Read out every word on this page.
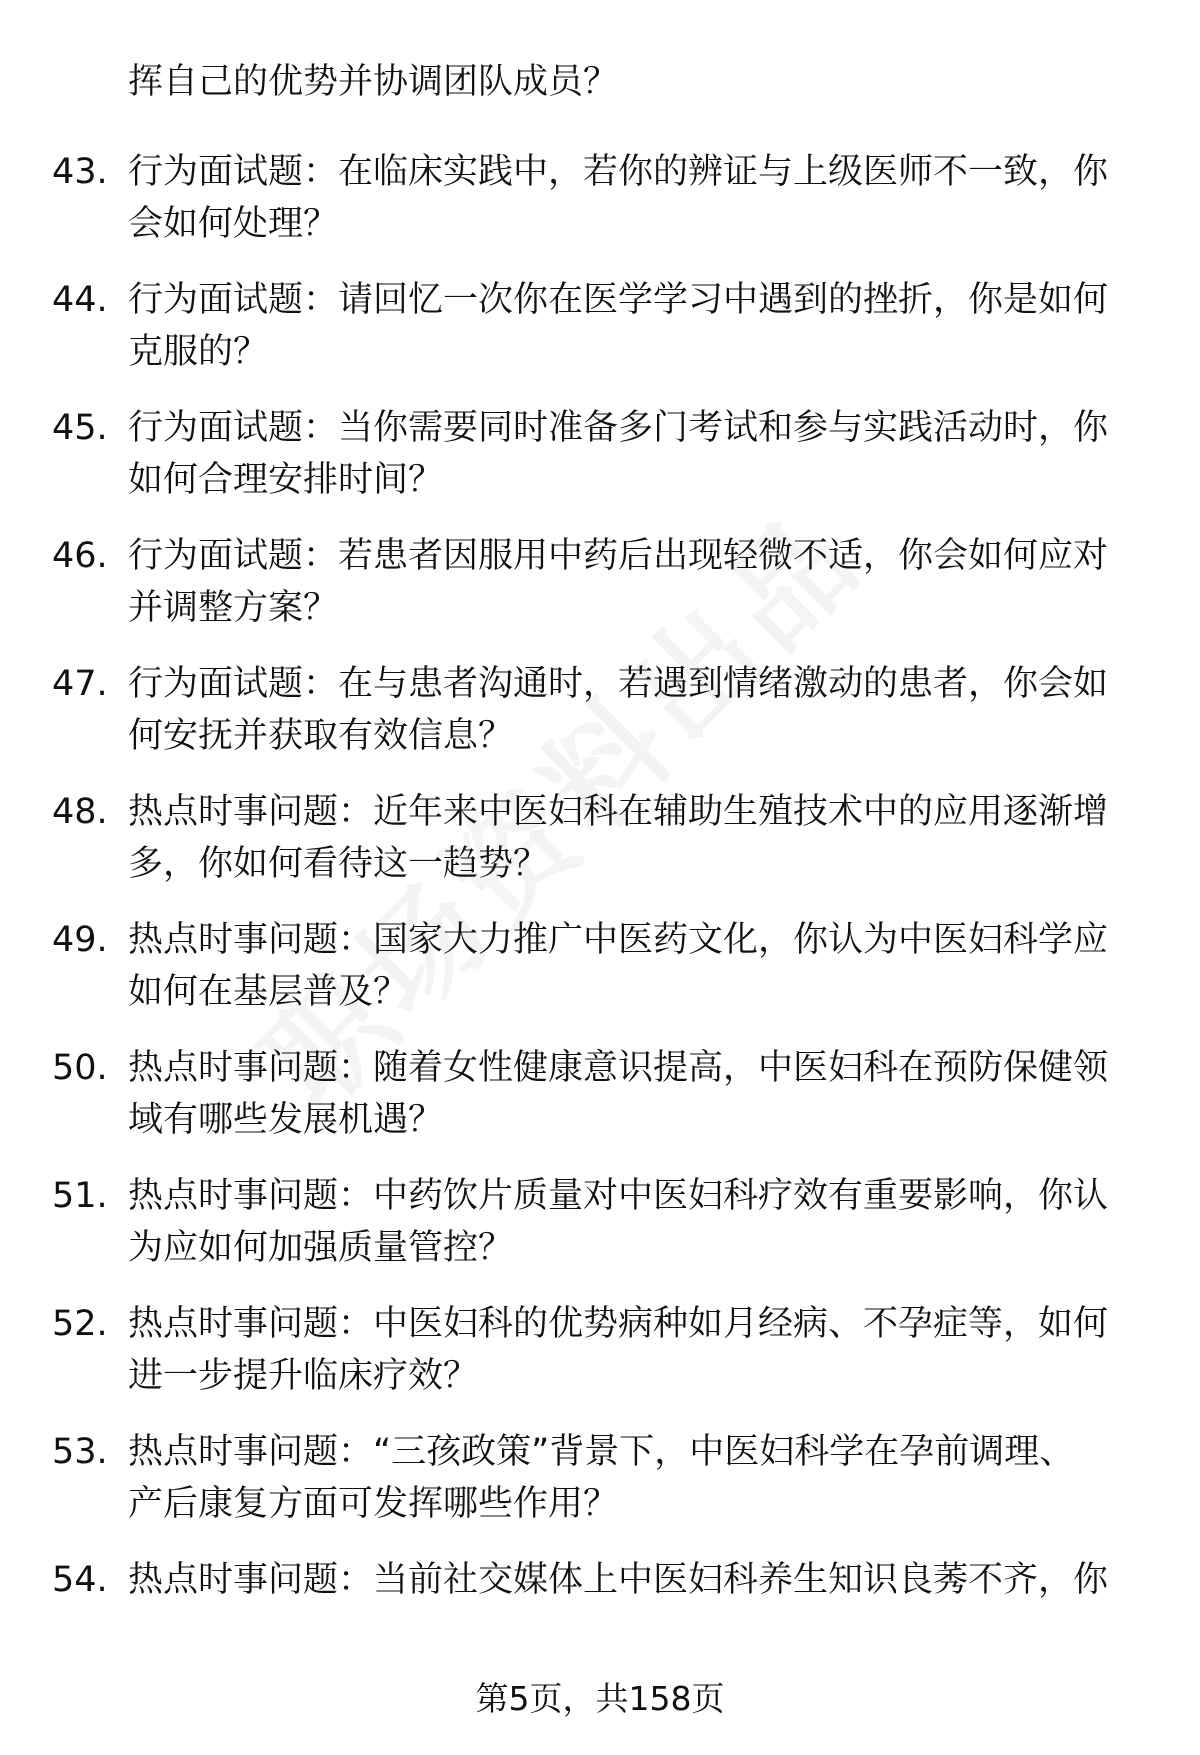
挥自己的优势并协调团队成员？
43. 行为面试题：在临床实践中，若你的辨证与上级医师不一致，你
会如何处理？
44. 行为面试题：请回忆一次你在医学学习中遇到的挫折，你是如何
克服的？
45. 行为面试题：当你需要同时准备多门考试和参与实践活动时，你
如何合理安排时间？
46. 行为面试题：若患者因服用中药后出现轻微不适，你会如何应对
并调整方案？
47. 行为面试题：在与患者沟通时，若遇到情绪激动的患者，你会如
何安抚并获取有效信息？
48. 热点时事问题：近年来中医妇科在辅助生殖技术中的应用逐渐增
多，你如何看待这一趋势？
49. 热点时事问题：国家大力推广中医药文化，你认为中医妇科学应
如何在基层普及？
50. 热点时事问题：随着女性健康意识提高，中医妇科在预防保健领
域有哪些发展机遇？
51. 热点时事问题：中药饮片质量对中医妇科疗效有重要影响，你认
为应如何加强质量管控？
52. 热点时事问题：中医妇科的优势病种如月经病、不孕症等，如何
进一步提升临床疗效？
53. 热点时事问题：“三孩政策”背景下，中医妇科学在孕前调理、
产后康复方面可发挥哪些作用？
54. 热点时事问题：当前社交媒体上中医妇科养生知识良莠不齐，你
第5页，共158页
